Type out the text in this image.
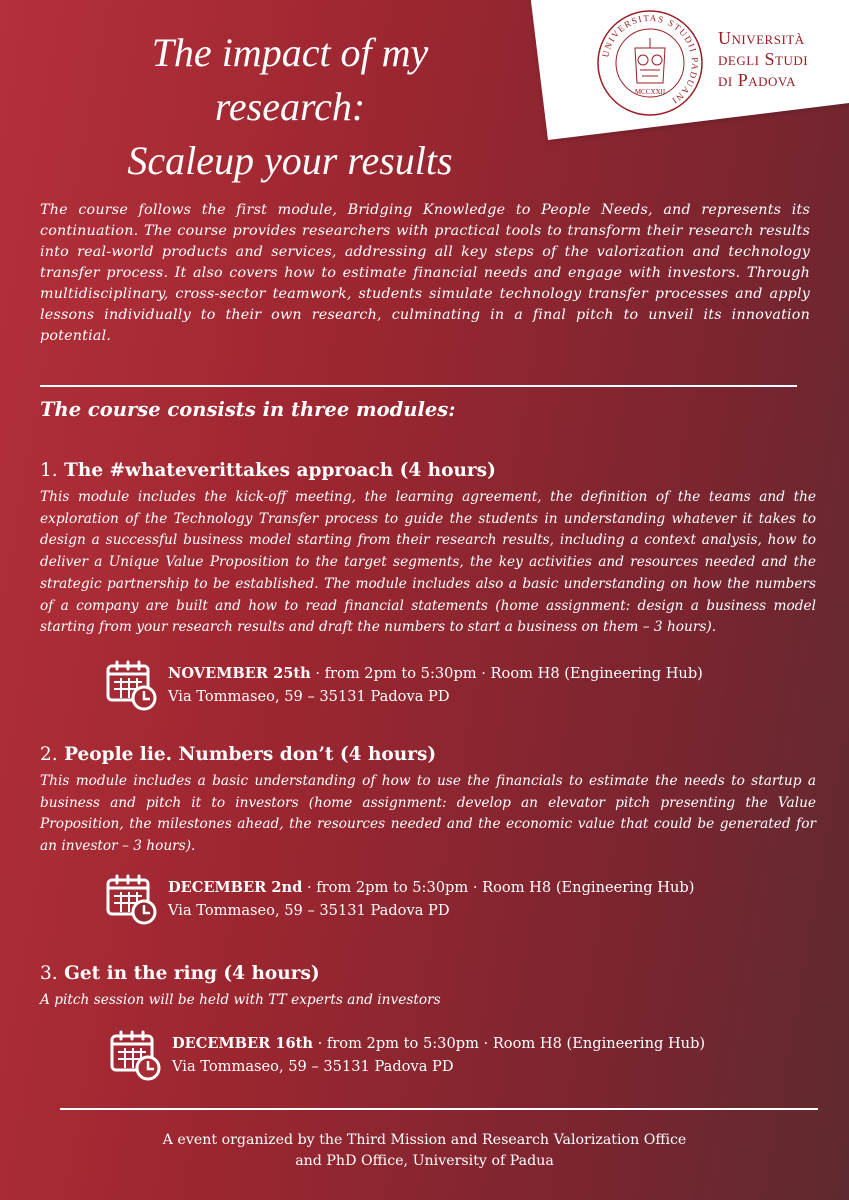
UNIVERSITAS STUDII PADUANI
MCCXXII
Università
degli Studi
di Padova
The impact of my
research:
Scaleup your results

The course follows the first module, Bridging Knowledge to People Needs, and represents its continuation. The course provides researchers with practical tools to transform their research results into real-world products and services, addressing all key steps of the valorization and technology transfer process. It also covers how to estimate financial needs and engage with investors. Through multidisciplinary, cross-sector teamwork, students simulate technology transfer processes and apply lessons individually to their own research, culminating in a final pitch to unveil its innovation potential.

The course consists in three modules:
1. The #whateverittakes approach (4 hours)

This module includes the kick-off meeting, the learning agreement, the definition of the teams and the exploration of the Technology Transfer process to guide the students in understanding whatever it takes to design a successful business model starting from their research results, including a context analysis, how to deliver a Unique Value Proposition to the target segments, the key activities and resources needed and the strategic partnership to be established. The module includes also a basic understanding on how the numbers of a company are built and how to read financial statements (home assignment: design a business model starting from your research results and draft the numbers to start a business on them – 3 hours).

NOVEMBER 25th · from 2pm to 5:30pm · Room H8 (Engineering Hub)
Via Tommaseo, 59 – 35131 Padova PD
2. People lie. Numbers don’t (4 hours)

This module includes a basic understanding of how to use the financials to estimate the needs to startup a business and pitch it to investors (home assignment: develop an elevator pitch presenting the Value Proposition, the milestones ahead, the resources needed and the economic value that could be generated for an investor – 3 hours).

DECEMBER 2nd · from 2pm to 5:30pm · Room H8 (Engineering Hub)
Via Tommaseo, 59 – 35131 Padova PD
3. Get in the ring (4 hours)

A pitch session will be held with TT experts and investors

DECEMBER 16th · from 2pm to 5:30pm · Room H8 (Engineering Hub)
Via Tommaseo, 59 – 35131 Padova PD
A event organized by the Third Mission and Research Valorization Office
and PhD Office, University of Padua
